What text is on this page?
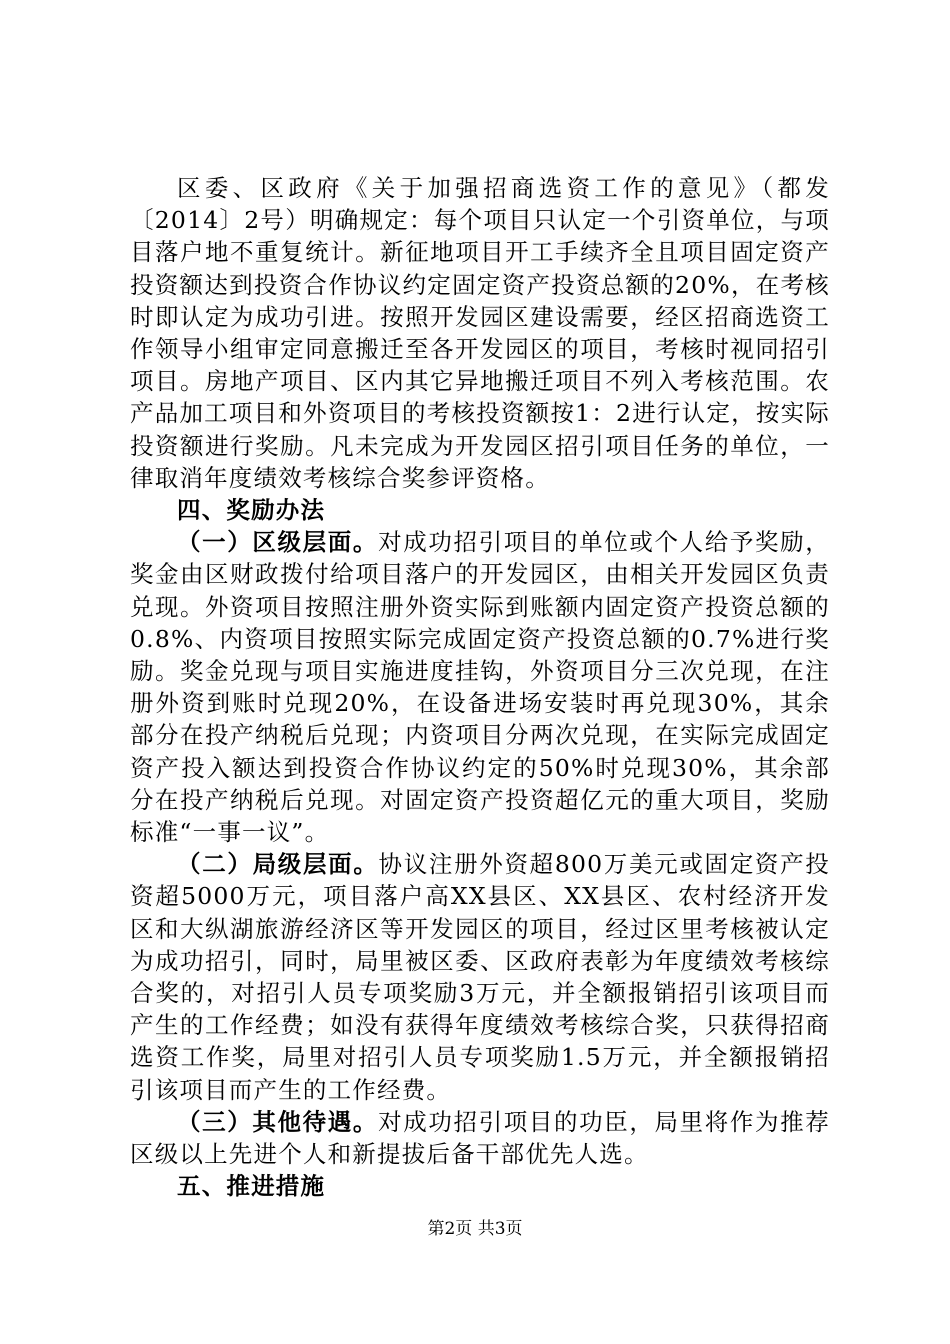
区委、区政府《关于加强招商选资工作的意见》（都发〔2014〕2号）明确规定：每个项目只认定一个引资单位，与项目落户地不重复统计。新征地项目开工手续齐全且项目固定资产投资额达到投资合作协议约定固定资产投资总额的20%，在考核时即认定为成功引进。按照开发园区建设需要，经区招商选资工作领导小组审定同意搬迁至各开发园区的项目，考核时视同招引项目。房地产项目、区内其它异地搬迁项目不列入考核范围。农产品加工项目和外资项目的考核投资额按1：2进行认定，按实际投资额进行奖励。凡未完成为开发园区招引项目任务的单位，一律取消年度绩效考核综合奖参评资格。

四、奖励办法

（一）区级层面。对成功招引项目的单位或个人给予奖励，奖金由区财政拨付给项目落户的开发园区，由相关开发园区负责兑现。外资项目按照注册外资实际到账额内固定资产投资总额的0.8%、内资项目按照实际完成固定资产投资总额的0.7%进行奖励。奖金兑现与项目实施进度挂钩，外资项目分三次兑现，在注册外资到账时兑现20%，在设备进场安装时再兑现30%，其余部分在投产纳税后兑现；内资项目分两次兑现，在实际完成固定资产投入额达到投资合作协议约定的50%时兑现30%，其余部分在投产纳税后兑现。对固定资产投资超亿元的重大项目，奖励标准“一事一议”。

（二）局级层面。协议注册外资超800万美元或固定资产投资超5000万元，项目落户高XX县区、XX县区、农村经济开发区和大纵湖旅游经济区等开发园区的项目，经过区里考核被认定为成功招引，同时，局里被区委、区政府表彰为年度绩效考核综合奖的，对招引人员专项奖励3万元，并全额报销招引该项目而产生的工作经费；如没有获得年度绩效考核综合奖，只获得招商选资工作奖，局里对招引人员专项奖励1.5万元，并全额报销招引该项目而产生的工作经费。

（三）其他待遇。对成功招引项目的功臣，局里将作为推荐区级以上先进个人和新提拔后备干部优先人选。

五、推进措施

第2页 共3页
